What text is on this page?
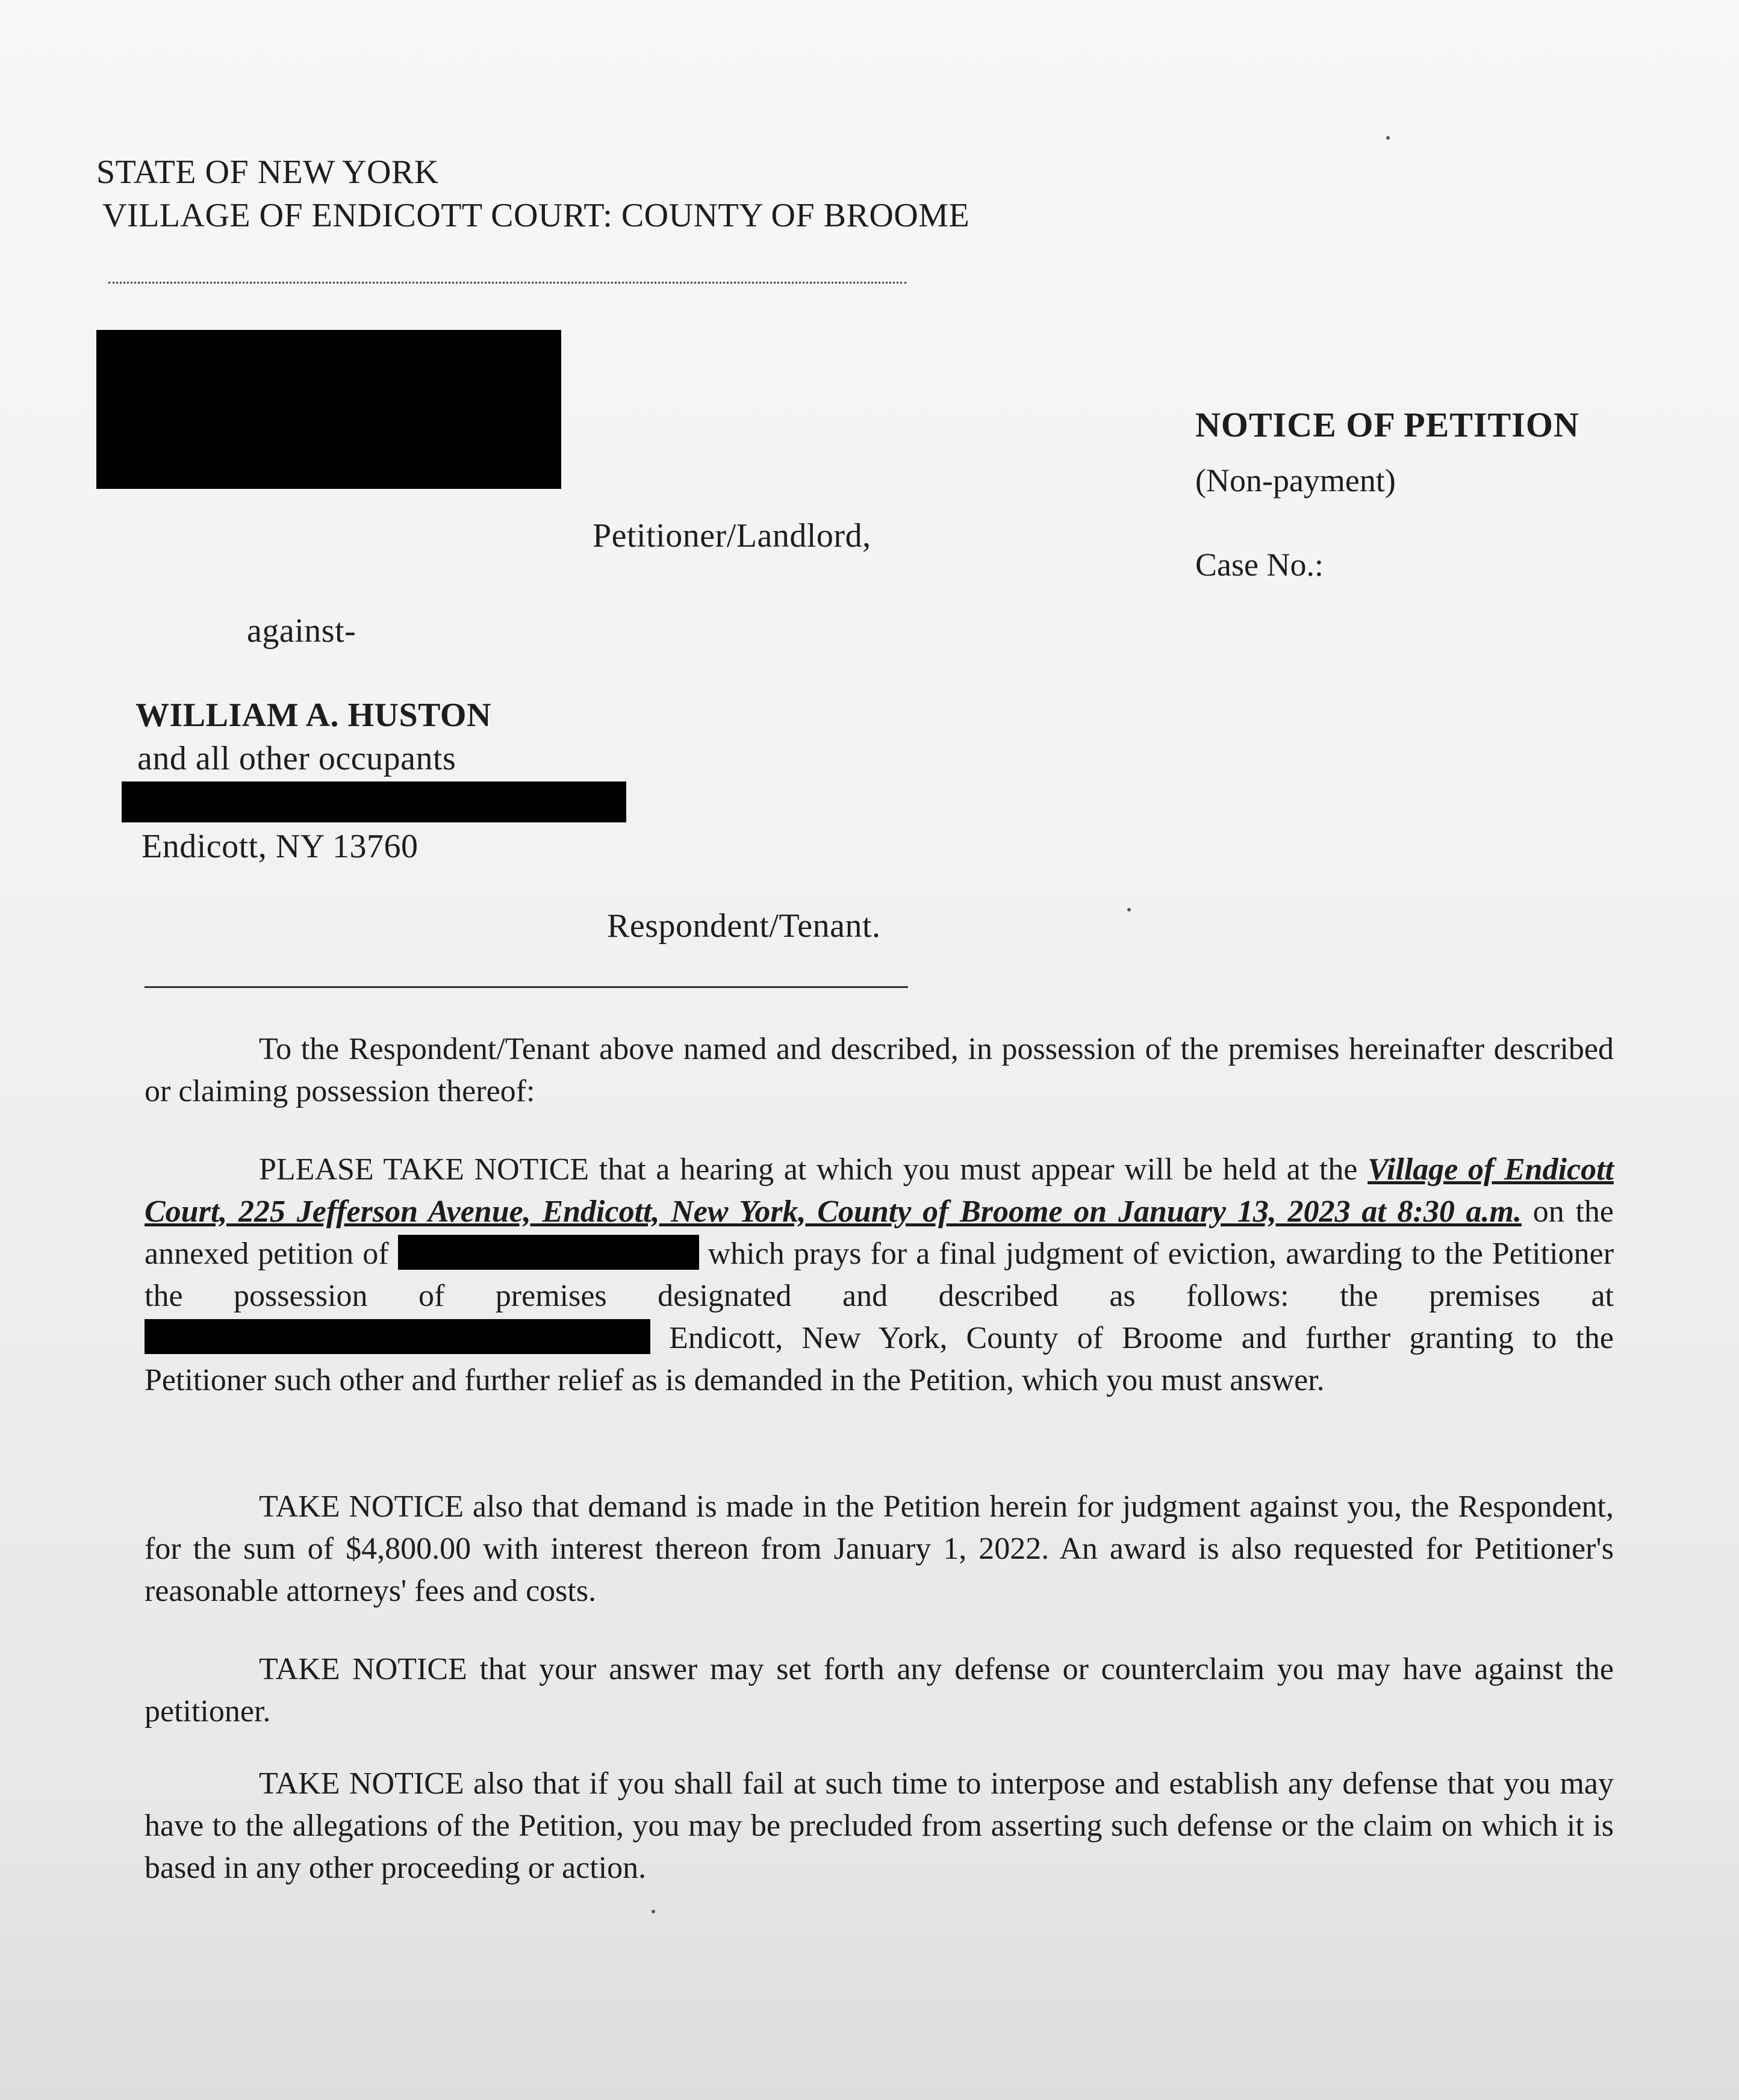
STATE OF NEW YORK
VILLAGE OF ENDICOTT COURT: COUNTY OF BROOME
Petitioner/Landlord,
against-
WILLIAM A. HUSTON
and all other occupants
Endicott, NY 13760
Respondent/Tenant.
NOTICE OF PETITION
(Non-payment)
Case No.:
To the Respondent/Tenant above named and described, in possession of the premises hereinafter described or claiming possession thereof:
PLEASE TAKE NOTICE that a hearing at which you must appear will be held at the Village of Endicott Court, 225 Jefferson Avenue, Endicott, New York, County of Broome on January 13, 2023 at 8:30 a.m. on the annexed petition of	which prays for a final judgment of eviction, awarding to the Petitioner the possession of premises designated and described as follows: the premises at Endicott, New York, County of Broome and further granting to the Petitioner such other and further relief as is demanded in the Petition, which you must answer.
TAKE NOTICE also that demand is made in the Petition herein for judgment against you, the Respondent, for the sum of $4,800.00 with interest thereon from January 1, 2022. An award is also requested for Petitioner's reasonable attorneys' fees and costs.
TAKE NOTICE that your answer may set forth any defense or counterclaim you may have against the petitioner.
TAKE NOTICE also that if you shall fail at such time to interpose and establish any defense that you may have to the allegations of the Petition, you may be precluded from asserting such defense or the claim on which it is based in any other proceeding or action.
